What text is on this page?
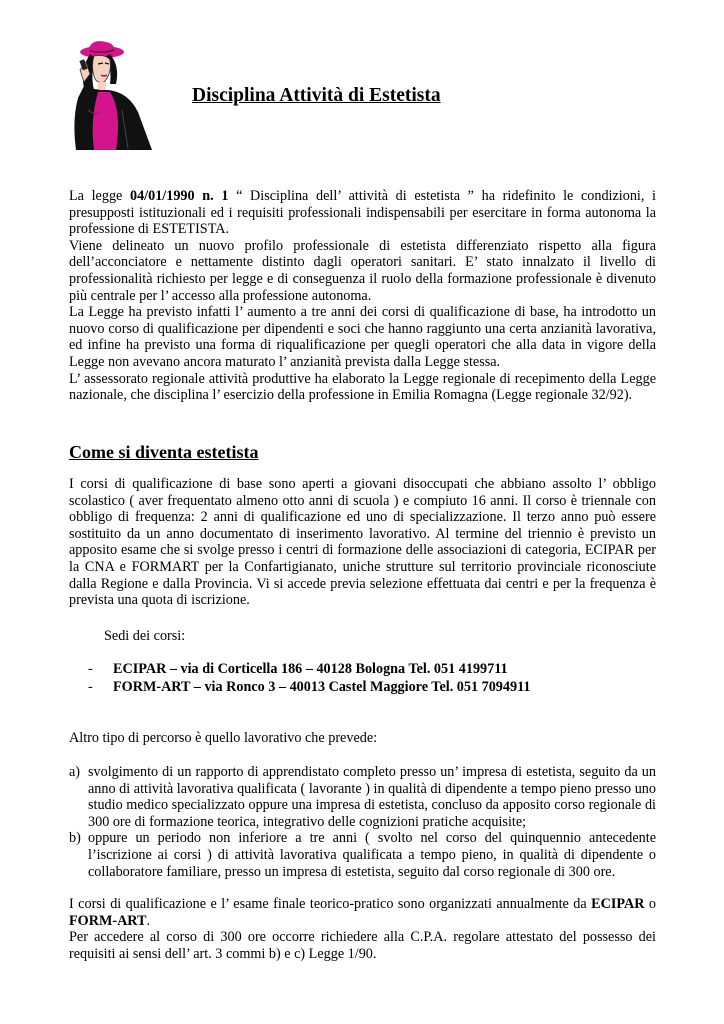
Disciplina Attività di Estetista

La legge 04/01/1990 n. 1 “ Disciplina dell’ attività di estetista ” ha ridefinito le condizioni, i presupposti istituzionali ed i requisiti professionali indispensabili per esercitare in forma autonoma la professione di ESTETISTA.

Viene delineato un nuovo profilo professionale di estetista differenziato rispetto alla figura dell’acconciatore e nettamente distinto dagli operatori sanitari. E’ stato innalzato il livello di professionalità richiesto per legge e di conseguenza il ruolo della formazione professionale è divenuto più centrale per l’ accesso alla professione autonoma.

La Legge ha previsto infatti l’ aumento a tre anni dei corsi di qualificazione di base, ha introdotto un nuovo corso di qualificazione per dipendenti e soci che hanno raggiunto una certa anzianità lavorativa, ed infine ha previsto una forma di riqualificazione per quegli operatori che alla data in vigore della Legge non avevano ancora maturato l’ anzianità prevista dalla Legge stessa.

L’ assessorato regionale attività produttive ha elaborato la Legge regionale di recepimento della Legge nazionale, che disciplina l’ esercizio della professione in Emilia Romagna (Legge regionale 32/92).

Come si diventa estetista

I corsi di qualificazione di base sono aperti a giovani disoccupati che abbiano assolto l’ obbligo scolastico ( aver frequentato almeno otto anni di scuola ) e compiuto 16 anni. Il corso è triennale con obbligo di frequenza: 2 anni di qualificazione ed uno di specializzazione. Il terzo anno può essere sostituito da un anno documentato di inserimento lavorativo. Al termine del triennio è previsto un apposito esame che si svolge presso i centri di formazione delle associazioni di categoria, ECIPAR per la CNA e FORMART per la Confartigianato, uniche strutture sul territorio provinciale riconosciute dalla Regione e dalla Provincia. Vi si accede previa selezione effettuata dai centri e per la frequenza è prevista una quota di iscrizione.

Sedi dei corsi:
- ECIPAR – via di Corticella 186 – 40128 Bologna Tel. 051 4199711
- FORM-ART – via Ronco 3 – 40013 Castel Maggiore Tel. 051 7094911
Altro tipo di percorso è quello lavorativo che prevede:
a) svolgimento di un rapporto di apprendistato completo presso un’ impresa di estetista, seguito da un anno di attività lavorativa qualificata ( lavorante ) in qualità di dipendente a tempo pieno presso uno studio medico specializzato oppure una impresa di estetista, concluso da apposito corso regionale di 300 ore di formazione teorica, integrativo delle cognizioni pratiche acquisite;
b) oppure un periodo non inferiore a tre anni ( svolto nel corso del quinquennio antecedente l’iscrizione ai corsi ) di attività lavorativa qualificata a tempo pieno, in qualità di dipendente o collaboratore familiare, presso un impresa di estetista, seguito dal corso regionale di 300 ore.

I corsi di qualificazione e l’ esame finale teorico-pratico sono organizzati annualmente da ECIPAR o FORM-ART.

Per accedere al corso di 300 ore occorre richiedere alla C.P.A. regolare attestato del possesso dei requisiti ai sensi dell’ art. 3 commi b) e c) Legge 1/90.
